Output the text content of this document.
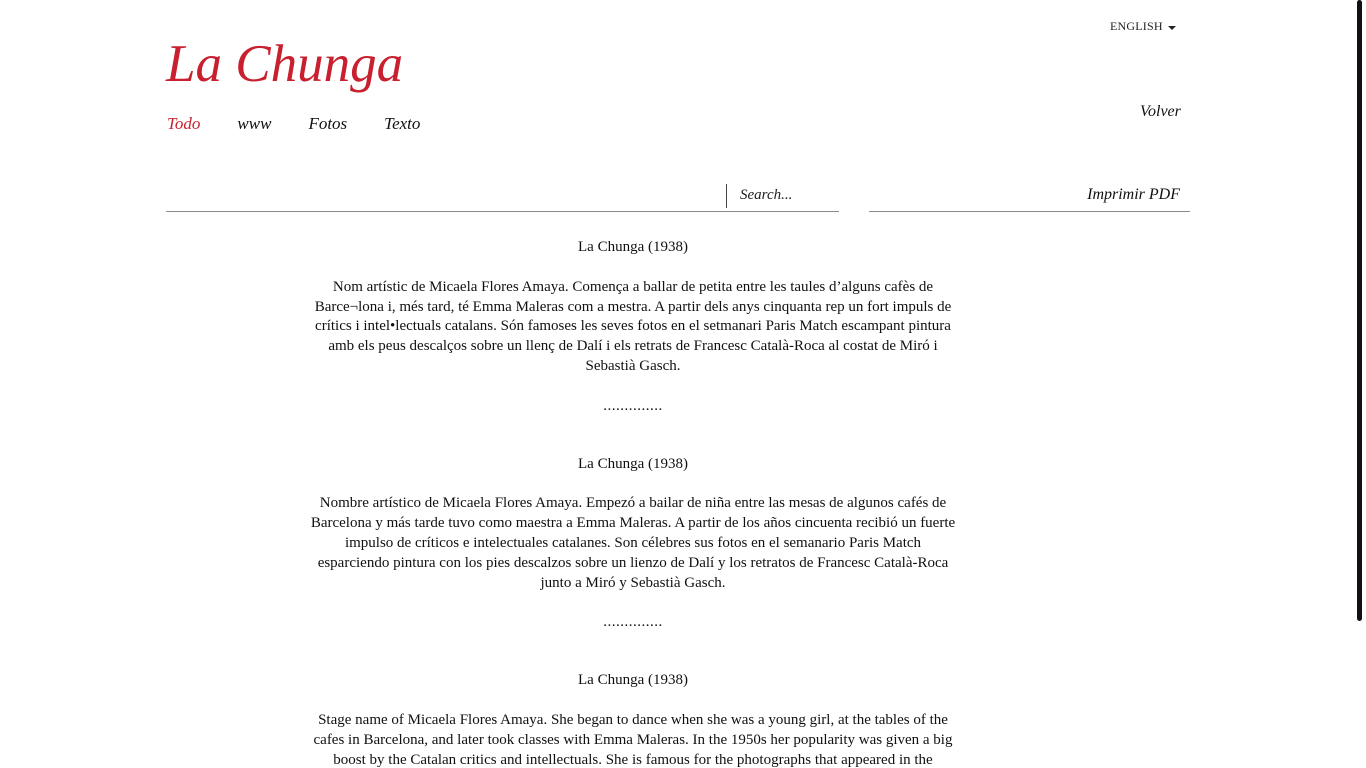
ENGLISH
La Chunga
Todo www Fotos Texto
Volver
Search...
Imprimir PDF
La Chunga (1938)

Nom artístic de Micaela Flores Amaya. Comença a ballar de petita entre les taules d’alguns cafès de Barce¬lona i, més tard, té Emma Maleras com a mestra. A partir dels anys cinquanta rep un fort impuls de crítics i intel•lectuals catalans. Són famoses les seves fotos en el setmanari Paris Match escampant pintura amb els peus descalços sobre un llenç de Dalí i els retrats de Francesc Català-Roca al costat de Miró i Sebastià Gasch.

..............

La Chunga (1938)

Nombre artístico de Micaela Flores Amaya. Empezó a bailar de niña entre las mesas de algunos cafés de Barcelona y más tarde tuvo como maestra a Emma Maleras. A partir de los años cincuenta recibió un fuerte impulso de críticos e intelectuales catalanes. Son célebres sus fotos en el semanario Paris Match esparciendo pintura con los pies descalzos sobre un lienzo de Dalí y los retratos de Francesc Català-Roca junto a Miró y Sebastià Gasch.

..............

La Chunga (1938)

Stage name of Micaela Flores Amaya. She began to dance when she was a young girl, at the tables of the cafes in Barcelona, and later took classes with Emma Maleras. In the 1950s her popularity was given a big boost by the Catalan critics and intellectuals. She is famous for the photographs that appeared in the
